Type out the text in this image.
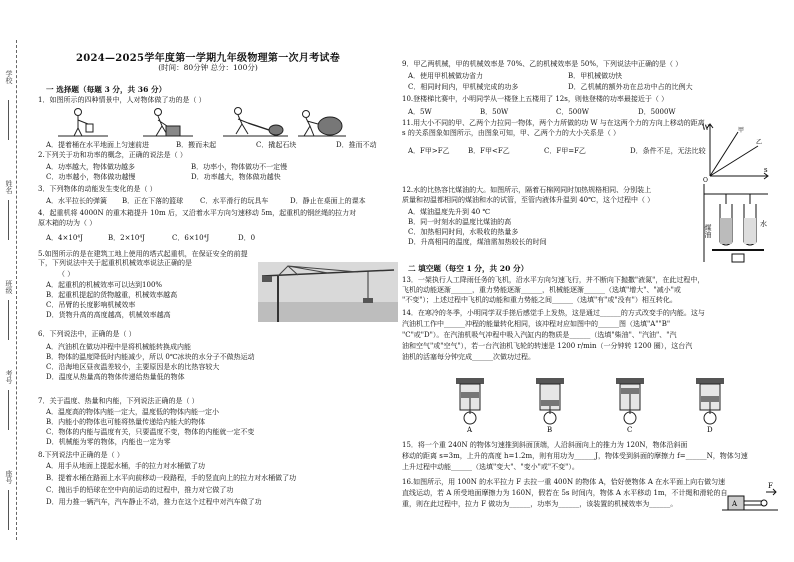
学校
姓名
班级
考号
座号
2024—2025学年度第一学期九年级物理第一次月考试卷
(时间：80分钟 总分：100分)
一 选择题（每题 3 分，共 36 分）
1．如图所示的四种情景中，人对物体做了功的是（ ）
A．提着桶在水平地面上匀速前进	B．搬而未起	C．撬起石块	D．推而不动
2.下列关于功和功率的概念，正确的说法是（ ）
A．功率越大，物体做功越多	B．功率小，物体做功不一定慢
C．功率越小，物体做功越慢	D．功率越大，物体做功越快
3．下列物体的动能发生变化的是（ ）
A．水平拉长的弹簧	B．正在下落的篮球	C．水平滑行的玩具车	D．静止在桌面上的课本
4．起重机将 4000N 的重木箱提升 10m 后，又沿着水平方向匀速移动 5m，起重机的钢丝绳的拉力对
原木箱的功为（ ）
A．4×10⁴J	B．2×10⁴J	C．6×10⁴J	D．0
5.如图所示的是在建筑工地上使用的塔式起重机，在保证安全的前提下，下列说法中关于起重机机械效率说法正确的是
（ ）
A．起重机的机械效率可以达到100%
B．起重机提起的货物越重，机械效率越高
C．吊臂的长度影响机械效率
D．货物升高的高度越高，机械效率越高
6．下列说法中，正确的是（ ）
A．汽油机在做功冲程中是将机械能转换成内能
B．物体的温度降低时内能减少，所以 0℃冰块的水分子不做热运动
C．沿海地区昼夜温差较小，主要原因是水的比热容较大
D．温度从热量高的物体传递给热量低的物体
7．关于温度、热量和内能，下列说法正确的是（ ）
A．温度高的物体内能一定大，温度低的物体内能一定小
B．内能小的物体也可能将热量传递给内能大的物体
C．物体的内能与温度有关，只要温度不变，物体的内能就一定不变
D．机械能为零的物体，内能也一定为零
8.下列说法中正确的是（ ）
A．用手从地面上提起水桶，手的拉力对水桶做了功
B．提着水桶在路面上水平向前移动一段路程，手的竖直向上的拉力对水桶做了功
C．抛出手的铅球在空中向前运动的过程中，推力对它做了功
D．用力推一辆汽车，汽车静止不动，推力在这个过程中对汽车做了功
9．甲乙两机械，甲的机械效率是 70%、乙的机械效率是 50%，下列说法中正确的是（ ）
A．使用甲机械做功省力	B．甲机械做功快
C．相同时间内，甲机械完成的功多	D．乙机械的额外功在总功中占的比例大
10.登楼梯比赛中，小明同学从一楼登上五楼用了 12s，则他登楼的功率最接近于（ ）
A．5W	B．50W	C．500W	D．5000W
11.用大小不同的甲、乙两个力拉同一物体，两个力所做的功 W 与在这两个力的方向上移动的距离
s 的关系图象如图所示，由图象可知，甲、乙两个力的大小关系是（ ）
A．F甲>F乙	B．F甲<F乙	C．F甲=F乙	D．条件不足，无法比较
W
s
O
甲
乙
12.水的比热容比煤油的大。如图所示，隔着石棉网同时加热规格相同、分别装上
质量和初温都相同的煤油和水的试管，至管内液体升温到 40℃，这个过程中（ ）
A．煤油温度先升到 40 ℃
B．同一时刻水的温度比煤油的高
C．加热相同时间，水吸收的热量多
D．升高相同的温度，煤油需加热较长的时间
煤油	水
二 填空题（每空 1 分，共 20 分）
13．一架执行人工降雨任务的飞机，沿水平方向匀速飞行，并不断向下抛撒"液氮"，在此过程中，
飞机的动能逐渐______，重力势能逐渐______，机械能逐渐______（选填"增大"、"减小"或
"不变"）；上述过程中飞机的动能和重力势能之间______（选填"有"或"没有"）相互转化。
14．在寒冷的冬季，小明同学双手搓后感觉手上发热，这是通过______的方式改变手的内能。这与
汽油机工作中______冲程的能量转化相同，该冲程对应如图中的______图（选填"A""B"
"C"或"D"）。在汽油机吸气冲程中吸入汽缸内的物质是______（选填"柴油"、"汽油"、"汽
油和空气"或"空气"），若一台汽油机飞轮的转速是 1200 r/min（一分钟转 1200 圈），这台汽
油机的活塞每分钟完成______次做功过程。
A	B	C	D
15．将一个重 240N 的物体匀速推到斜面顶端，人沿斜面向上的推力为 120N，物体沿斜面
移动的距离 s=3m，上升的高度 h=1.2m，则有用功为______J，物体受到斜面的摩擦力 f=______N，物体匀速
上升过程中动能______（选填"变大"、"变小"或"不变"）。
16.如图所示，用 100N 的水平拉力 F 去拉一重 400N 的物体 A，恰好使物体 A 在水平面上向右做匀速
直线运动，若 A 所受地面摩擦力为 160N，假若在 5s 时间内，物体 A 水平移动 1m，不计绳和滑轮的自
重，则在此过程中，拉力 F 做功为______，功率为______，该装置的机械效率为______。	A
F
